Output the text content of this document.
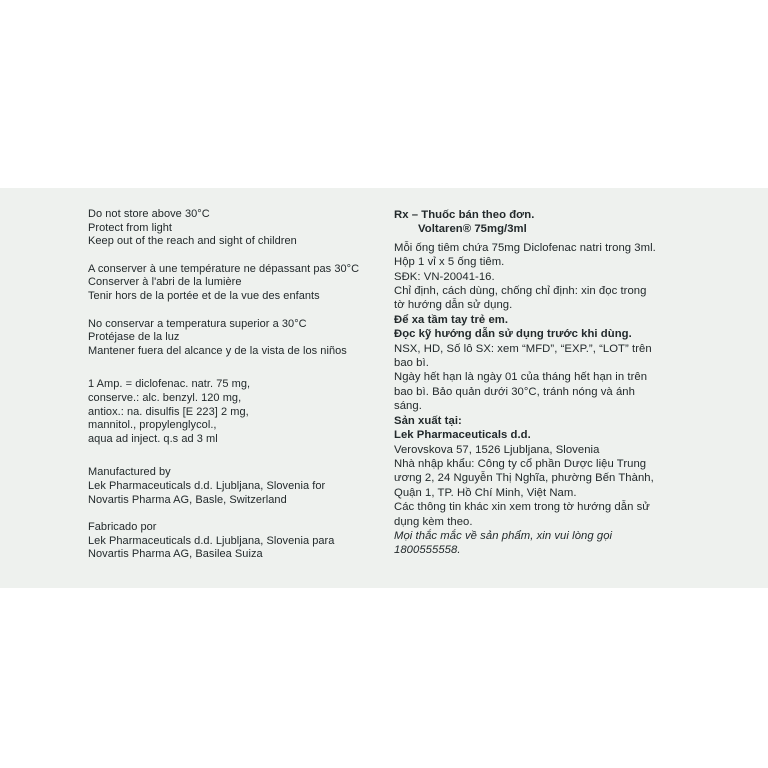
Do not store above 30°C
Protect from light
Keep out of the reach and sight of children
A conserver à une température ne dépassant pas 30°C
Conserver à l'abri de la lumière
Tenir hors de la portée et de la vue des enfants
No conservar a temperatura superior a 30°C
Protéjase de la luz
Mantener fuera del alcance y de la vista de los niños
1 Amp. = diclofenac. natr. 75 mg,
conserve.: alc. benzyl. 120 mg,
antiox.: na. disulfis [E 223] 2 mg,
mannitol., propylenglycol.,
aqua ad inject. q.s ad 3 ml
Manufactured by
Lek Pharmaceuticals d.d. Ljubljana, Slovenia for
Novartis Pharma AG, Basle, Switzerland
Fabricado por
Lek Pharmaceuticals d.d. Ljubljana, Slovenia para
Novartis Pharma AG, Basilea Suiza
Rx – Thuốc bán theo đơn.
Voltaren® 75mg/3ml
Mỗi ống tiêm chứa 75mg Diclofenac natri trong 3ml.
Hộp 1 vỉ x 5 ống tiêm.
SĐK: VN-20041-16.
Chỉ định, cách dùng, chống chỉ định: xin đọc trong
tờ hướng dẫn sử dụng.
Để xa tầm tay trẻ em.
Đọc kỹ hướng dẫn sử dụng trước khi dùng.
NSX, HD, Số lô SX: xem “MFD”, “EXP.”, “LOT” trên
bao bì.
Ngày hết hạn là ngày 01 của tháng hết hạn in trên
bao bì. Bảo quản dưới 30°C, tránh nóng và ánh
sáng.
Sản xuất tại:
Lek Pharmaceuticals d.d.
Verovskova 57, 1526 Ljubljana, Slovenia
Nhà nhập khẩu: Công ty cổ phần Dược liệu Trung
ương 2, 24 Nguyễn Thị Nghĩa, phường Bến Thành,
Quận 1, TP. Hồ Chí Minh, Việt Nam.
Các thông tin khác xin xem trong tờ hướng dẫn sử
dụng kèm theo.
Mọi thắc mắc về sản phẩm, xin vui lòng gọi
1800555558.
